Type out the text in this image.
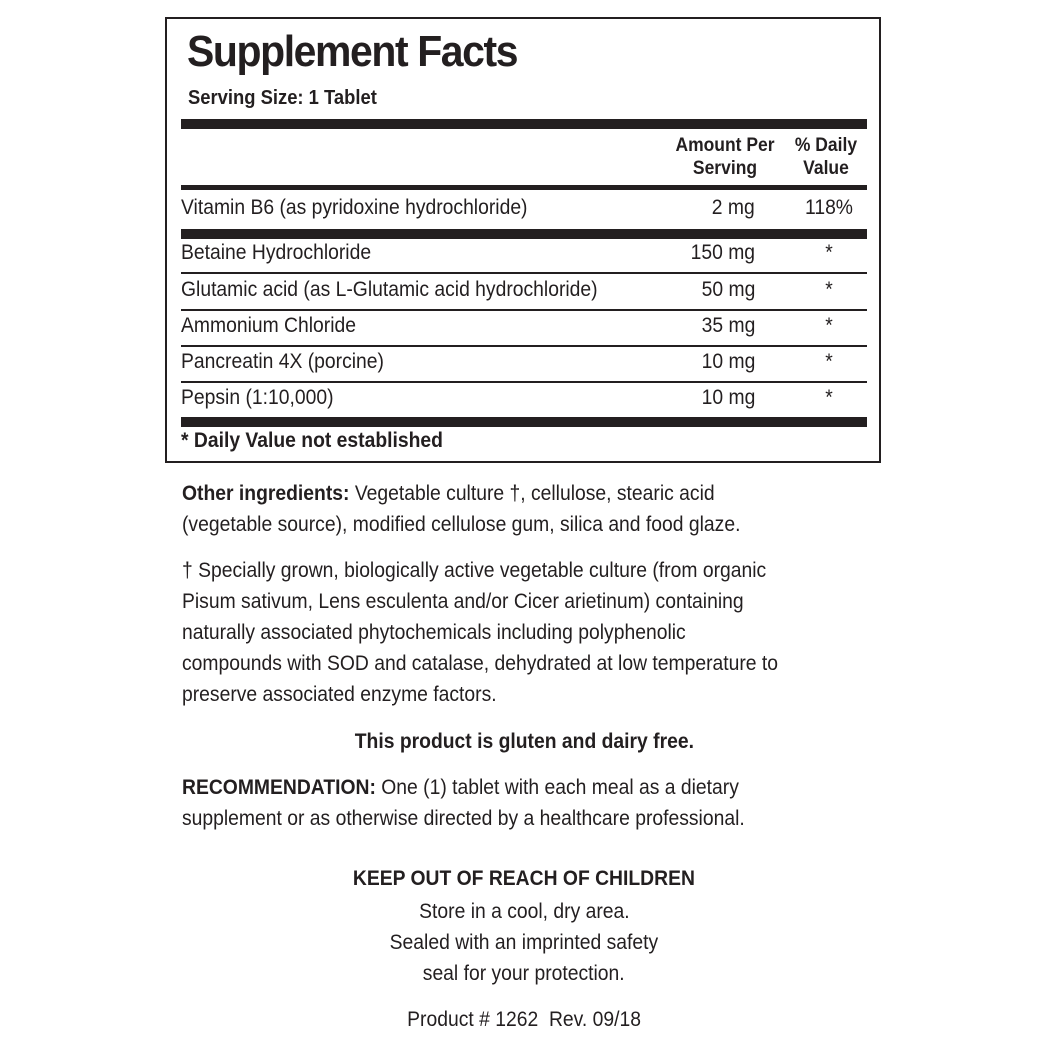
Supplement Facts
Serving Size: 1 Tablet
Amount Per
Serving
% Daily
Value
Vitamin B6 (as pyridoxine hydrochloride)	2 mg	118%
Betaine Hydrochloride	150 mg	*
Glutamic acid (as L-Glutamic acid hydrochloride)	50 mg	*
Ammonium Chloride	35 mg	*
Pancreatin 4X (porcine)	10 mg	*
Pepsin (1:10,000)	10 mg	*
* Daily Value not established
Other ingredients: Vegetable culture †, cellulose, stearic acid
(vegetable source), modified cellulose gum, silica and food glaze.
† Specially grown, biologically active vegetable culture (from organic
Pisum sativum, Lens esculenta and/or Cicer arietinum) containing
naturally associated phytochemicals including polyphenolic
compounds with SOD and catalase, dehydrated at low temperature to
preserve associated enzyme factors.
This product is gluten and dairy free.
RECOMMENDATION: One (1) tablet with each meal as a dietary
supplement or as otherwise directed by a healthcare professional.
KEEP OUT OF REACH OF CHILDREN
Store in a cool, dry area.
Sealed with an imprinted safety
seal for your protection.
Product # 1262  Rev. 09/18
